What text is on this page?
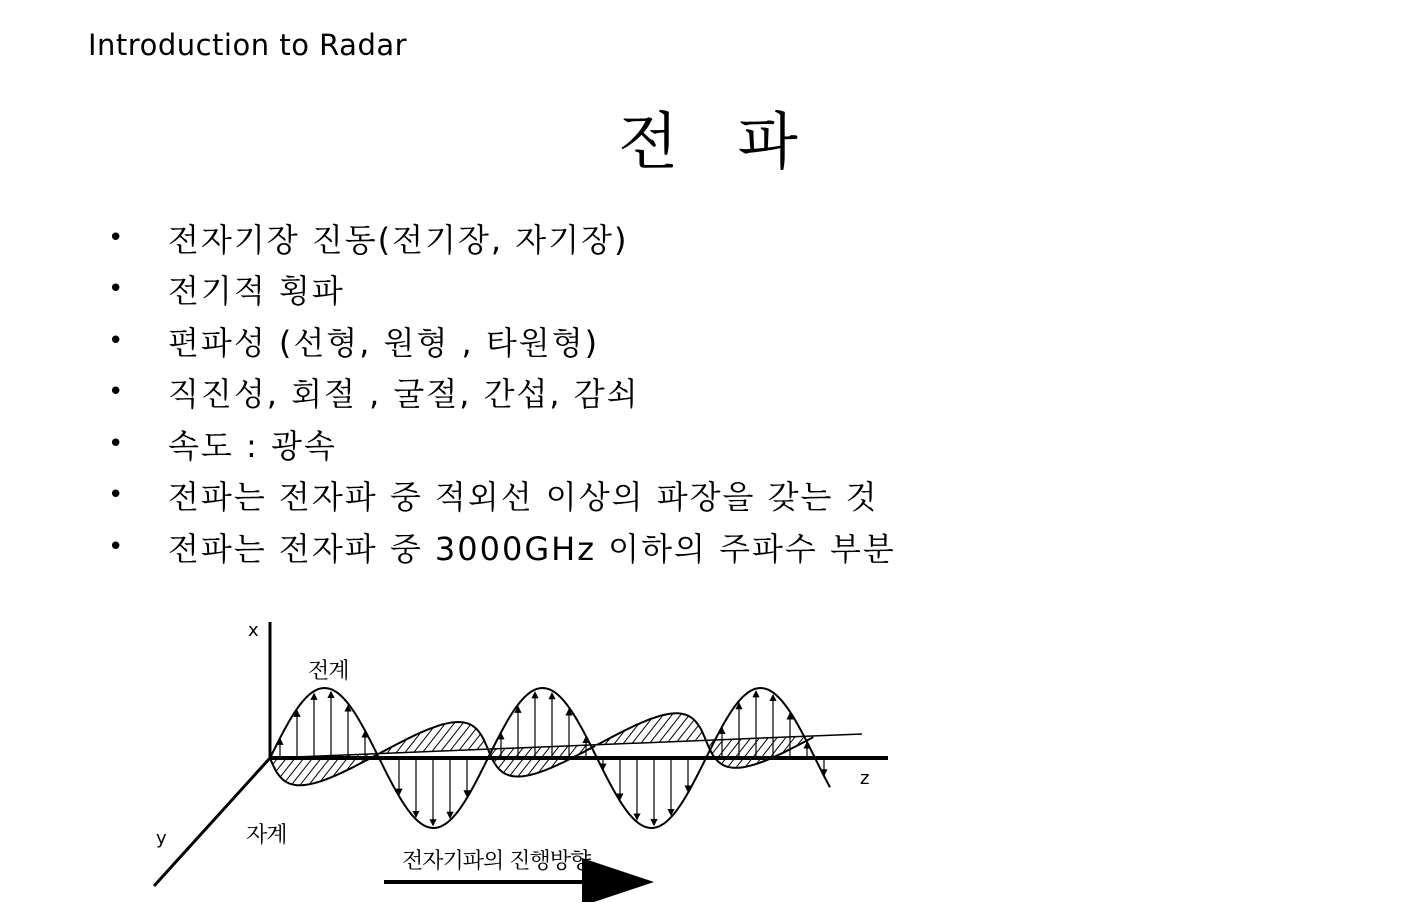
Introduction to Radar
전 파
•	전자기장 진동(전기장, 자기장)
•	전기적 횡파
•	편파성 (선형, 원형 , 타원형)
•	직진성, 회절 , 굴절, 간섭, 감쇠
•	속도 : 광속
•	전파는 전자파 중 적외선 이상의 파장을 갖는 것
•	전파는 전자파 중 3000GHz 이하의 주파수 부분
x
z
y
전계
자계
전자기파의 진행방향
